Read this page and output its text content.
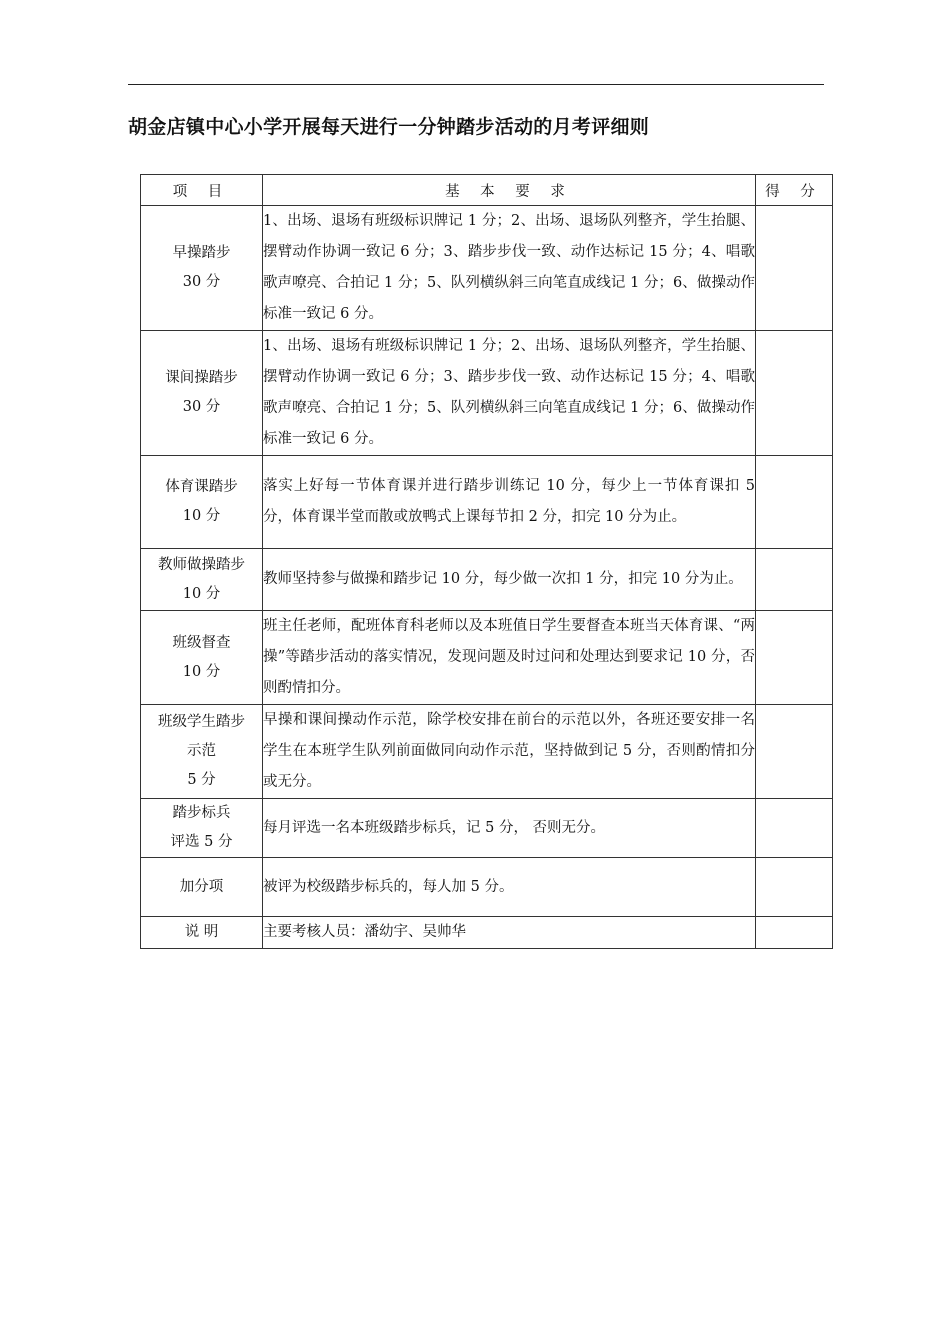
胡金店镇中心小学开展每天进行一分钟踏步活动的月考评细则
项 目	基 本 要 求	得 分

早操踏步
30 分	1、出场、退场有班级标识牌记 1 分；2、出场、退场队列整齐，学生抬腿、摆臂动作协调一致记 6 分；3、踏步步伐一致、动作达标记 15 分；4、唱歌歌声嘹亮、合拍记 1 分；5、队列横纵斜三向笔直成线记 1 分；6、做操动作标准一致记 6 分。	

课间操踏步
30 分	1、出场、退场有班级标识牌记 1 分；2、出场、退场队列整齐，学生抬腿、摆臂动作协调一致记 6 分；3、踏步步伐一致、动作达标记 15 分；4、唱歌歌声嘹亮、合拍记 1 分；5、队列横纵斜三向笔直成线记 1 分；6、做操动作标准一致记 6 分。	

体育课踏步
10 分	落实上好每一节体育课并进行踏步训练记 10 分，每少上一节体育课扣 5 分，体育课半堂而散或放鸭式上课每节扣 2 分，扣完 10 分为止。	

教师做操踏步
10 分	教师坚持参与做操和踏步记 10 分，每少做一次扣 1 分，扣完 10 分为止。	

班级督查
10 分	班主任老师，配班体育科老师以及本班值日学生要督查本班当天体育课、“两操”等踏步活动的落实情况，发现问题及时过问和处理达到要求记 10 分，否则酌情扣分。	

班级学生踏步
示范
5 分	早操和课间操动作示范，除学校安排在前台的示范以外，各班还要安排一名学生在本班学生队列前面做同向动作示范，坚持做到记 5 分，否则酌情扣分或无分。	

踏步标兵
评选 5 分	每月评选一名本班级踏步标兵，记 5 分， 否则无分。	

加分项	被评为校级踏步标兵的，每人加 5 分。	

说 明	主要考核人员：潘幼宇、吴帅华	
